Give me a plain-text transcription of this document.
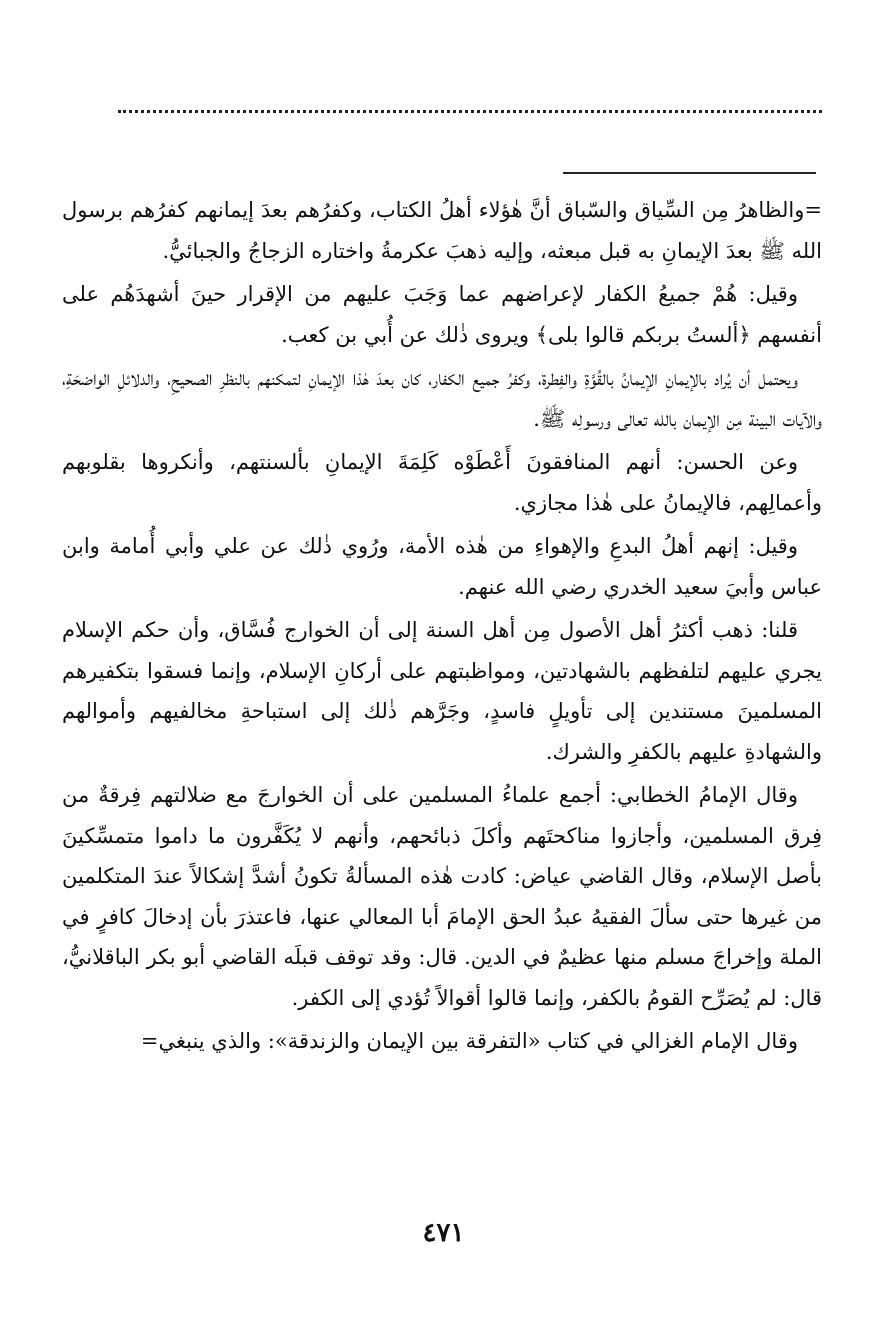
=والظاهرُ مِن السِّياق والسّباق أنَّ هٰؤلاء أهلُ الكتاب، وكفرُهم بعدَ إيمانهم كفرُهم برسول الله ﷺ بعدَ الإيمانِ به قبل مبعثه، وإليه ذهبَ عكرمةُ واختاره الزجاجُ والجبائيُّ.

وقيل: هُمْ جميعُ الكفار لإعراضهم عما وَجَبَ عليهم من الإقرار حينَ أشهدَهُم على أنفسهم ﴿ألستُ بربكم قالوا بلى﴾ ويروى ذٰلك عن أُبي بن كعب.

ويحتمل أن يُراد بالإيمانِ الإيمانُ بالقُوَّةِ والفِطرة، وكفرُ جميع الكفار، كان بعدَ هٰذا الإيمانِ لتمكنهم بالنظرِ الصحيحِ، والدلائلِ الواضحَةِ، والآيات البينة مِن الإيمان بالله تعالى ورسولِه ﷺ.

وعن الحسن: أنهم المنافقونَ أَعْطَوْه كَلِمَةَ الإيمانِ بألسنتهم، وأنكروها بقلوبهم وأعمالِهم، فالإيمانُ على هٰذا مجازي.

وقيل: إنهم أهلُ البدعِ والإهواءِ من هٰذه الأمة، ورُوي ذٰلك عن علي وأبي أُمامة وابن عباس وأبيَ سعيد الخدري رضي الله عنهم.

قلنا: ذهب أكثرُ أهل الأصول مِن أهل السنة إلى أن الخوارج فُسَّاق، وأن حكم الإسلام يجري عليهم لتلفظهم بالشهادتين، ومواظبتهم على أركانِ الإسلام، وإنما فسقوا بتكفيرهم المسلمينَ مستندين إلى تأويلٍ فاسدٍ، وجَرَّهم ذٰلك إلى استباحةِ مخالفيهم وأموالهم والشهادةِ عليهم بالكفرِ والشرك.

وقال الإمامُ الخطابي: أجمع علماءُ المسلمين على أن الخوارجَ مع ضلالتهم فِرقةٌ من فِرق المسلمين، وأجازوا مناكحتَهم وأكلَ ذبائحهم، وأنهم لا يُكَفَّرون ما داموا متمسِّكينَ بأصل الإسلام، وقال القاضي عياض: كادت هٰذه المسألةُ تكونُ أشدَّ إشكالاً عندَ المتكلمين من غيرها حتى سألَ الفقيهُ عبدُ الحق الإمامَ أبا المعالي عنها، فاعتذرَ بأن إدخالَ كافرٍ في الملة وإخراجَ مسلم منها عظيمٌ في الدين. قال: وقد توقف قبلَه القاضي أبو بكر الباقلانيُّ، قال: لم يُصَرِّح القومُ بالكفر، وإنما قالوا أقوالاً تُؤدي إلى الكفر.

وقال الإمام الغزالي في كتاب «التفرقة بين الإيمان والزندقة»: والذي ينبغي=

٤٧١
